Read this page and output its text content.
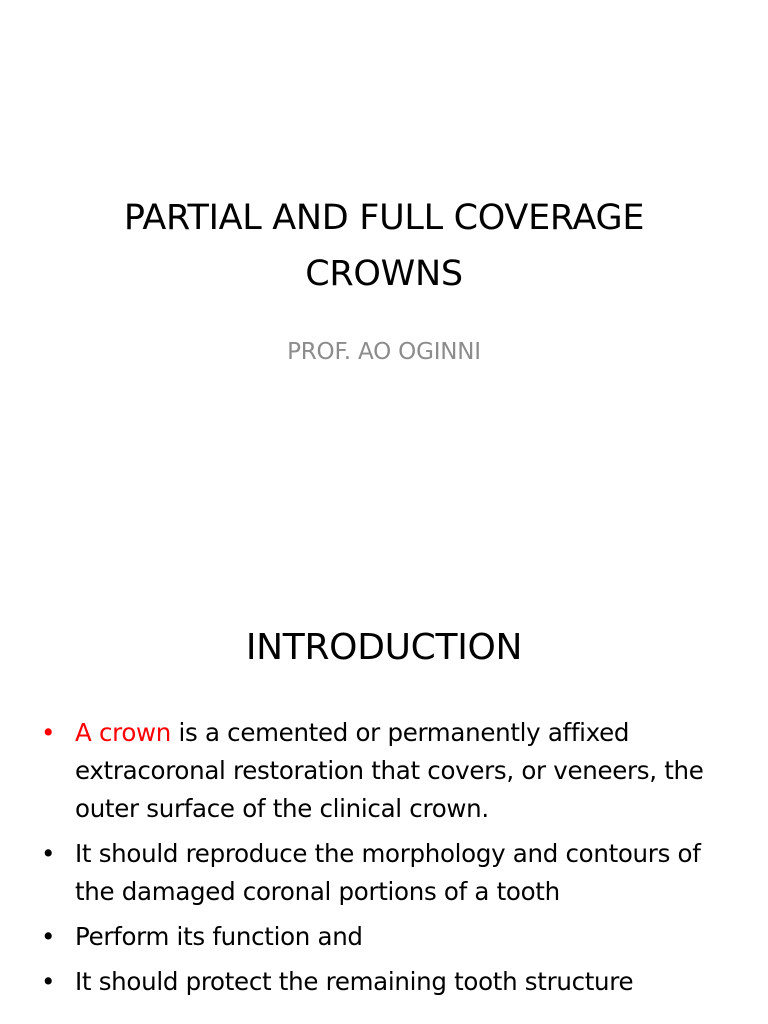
PARTIAL AND FULL COVERAGE
CROWNS
PROF. AO OGINNI
INTRODUCTION
• A crown is a cemented or permanently affixed extracoronal restoration that covers, or veneers, the outer surface of the clinical crown.
• It should reproduce the morphology and contours of the damaged coronal portions of a tooth
• Perform its function and
• It should protect the remaining tooth structure
